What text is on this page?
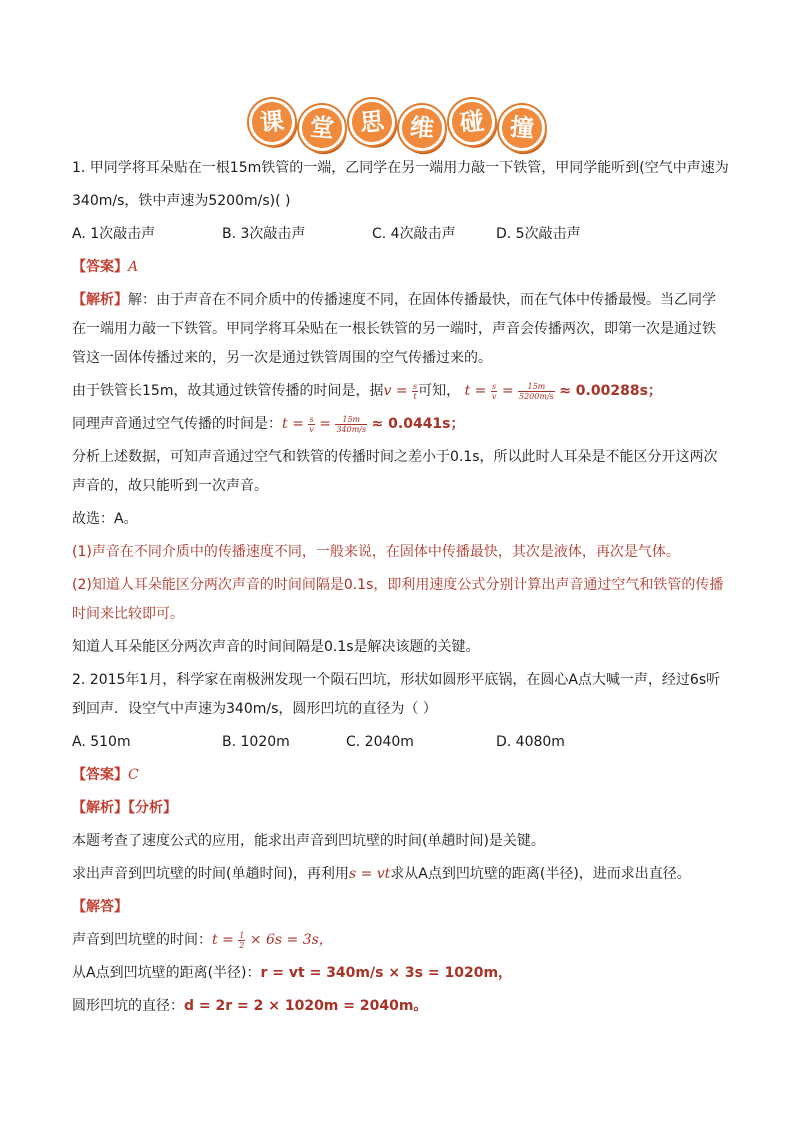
课 堂 思 维 碰 撞
1. 甲同学将耳朵贴在一根15m铁管的一端，乙同学在另一端用力敲一下铁管，甲同学能听到(空气中声速为
340m/s，铁中声速为5200m/s)( )
A. 1次敲击声	B. 3次敲击声	C. 4次敲击声	D. 5次敲击声
【答案】A
【解析】解：由于声音在不同介质中的传播速度不同，在固体传播最快，而在气体中传播最慢。当乙同学
在一端用力敲一下铁管。甲同学将耳朵贴在一根长铁管的另一端时，声音会传播两次，即第一次是通过铁
管这一固体传播过来的，另一次是通过铁管周围的空气传播过来的。
由于铁管长15m，故其通过铁管传播的时间是，据$v = \frac{s}{t}$ 可知， $t = \frac{s}{v} = \frac{15m}{5200m/s} \approx 0.00288s$；
同理声音通过空气传播的时间是：$t = \frac{s}{v} = \frac{15m}{340m/s} \approx 0.0441s$；
分析上述数据，可知声音通过空气和铁管的传播时间之差小于0.1s，所以此时人耳朵是不能区分开这两次
声音的，故只能听到一次声音。
故选：A。
(1)声音在不同介质中的传播速度不同，一般来说，在固体中传播最快，其次是液体，再次是气体。
(2)知道人耳朵能区分两次声音的时间间隔是0.1s，即利用速度公式分别计算出声音通过空气和铁管的传播
时间来比较即可。
知道人耳朵能区分两次声音的时间间隔是0.1s是解决该题的关键。
2. 2015年1月，科学家在南极洲发现一个陨石凹坑，形状如圆形平底锅，在圆心A点大喊一声，经过6s听
到回声．设空气中声速为340m/s，圆形凹坑的直径为（ ）
A. 510m	B. 1020m	C. 2040m	D. 4080m
【答案】C
【解析】【分析】
本题考查了速度公式的应用，能求出声音到凹坑壁的时间(单趟时间)是关键。
求出声音到凹坑壁的时间(单趟时间)，再利用s = vt求从A点到凹坑壁的距离(半径)，进而求出直径。
【解答】
声音到凹坑壁的时间：$t = \frac{1}{2} \times 6s = 3s$，
从A点到凹坑壁的距离(半径)：r = vt = 340m/s × 3s = 1020m，
圆形凹坑的直径：d = 2r = 2 × 1020m = 2040m。
